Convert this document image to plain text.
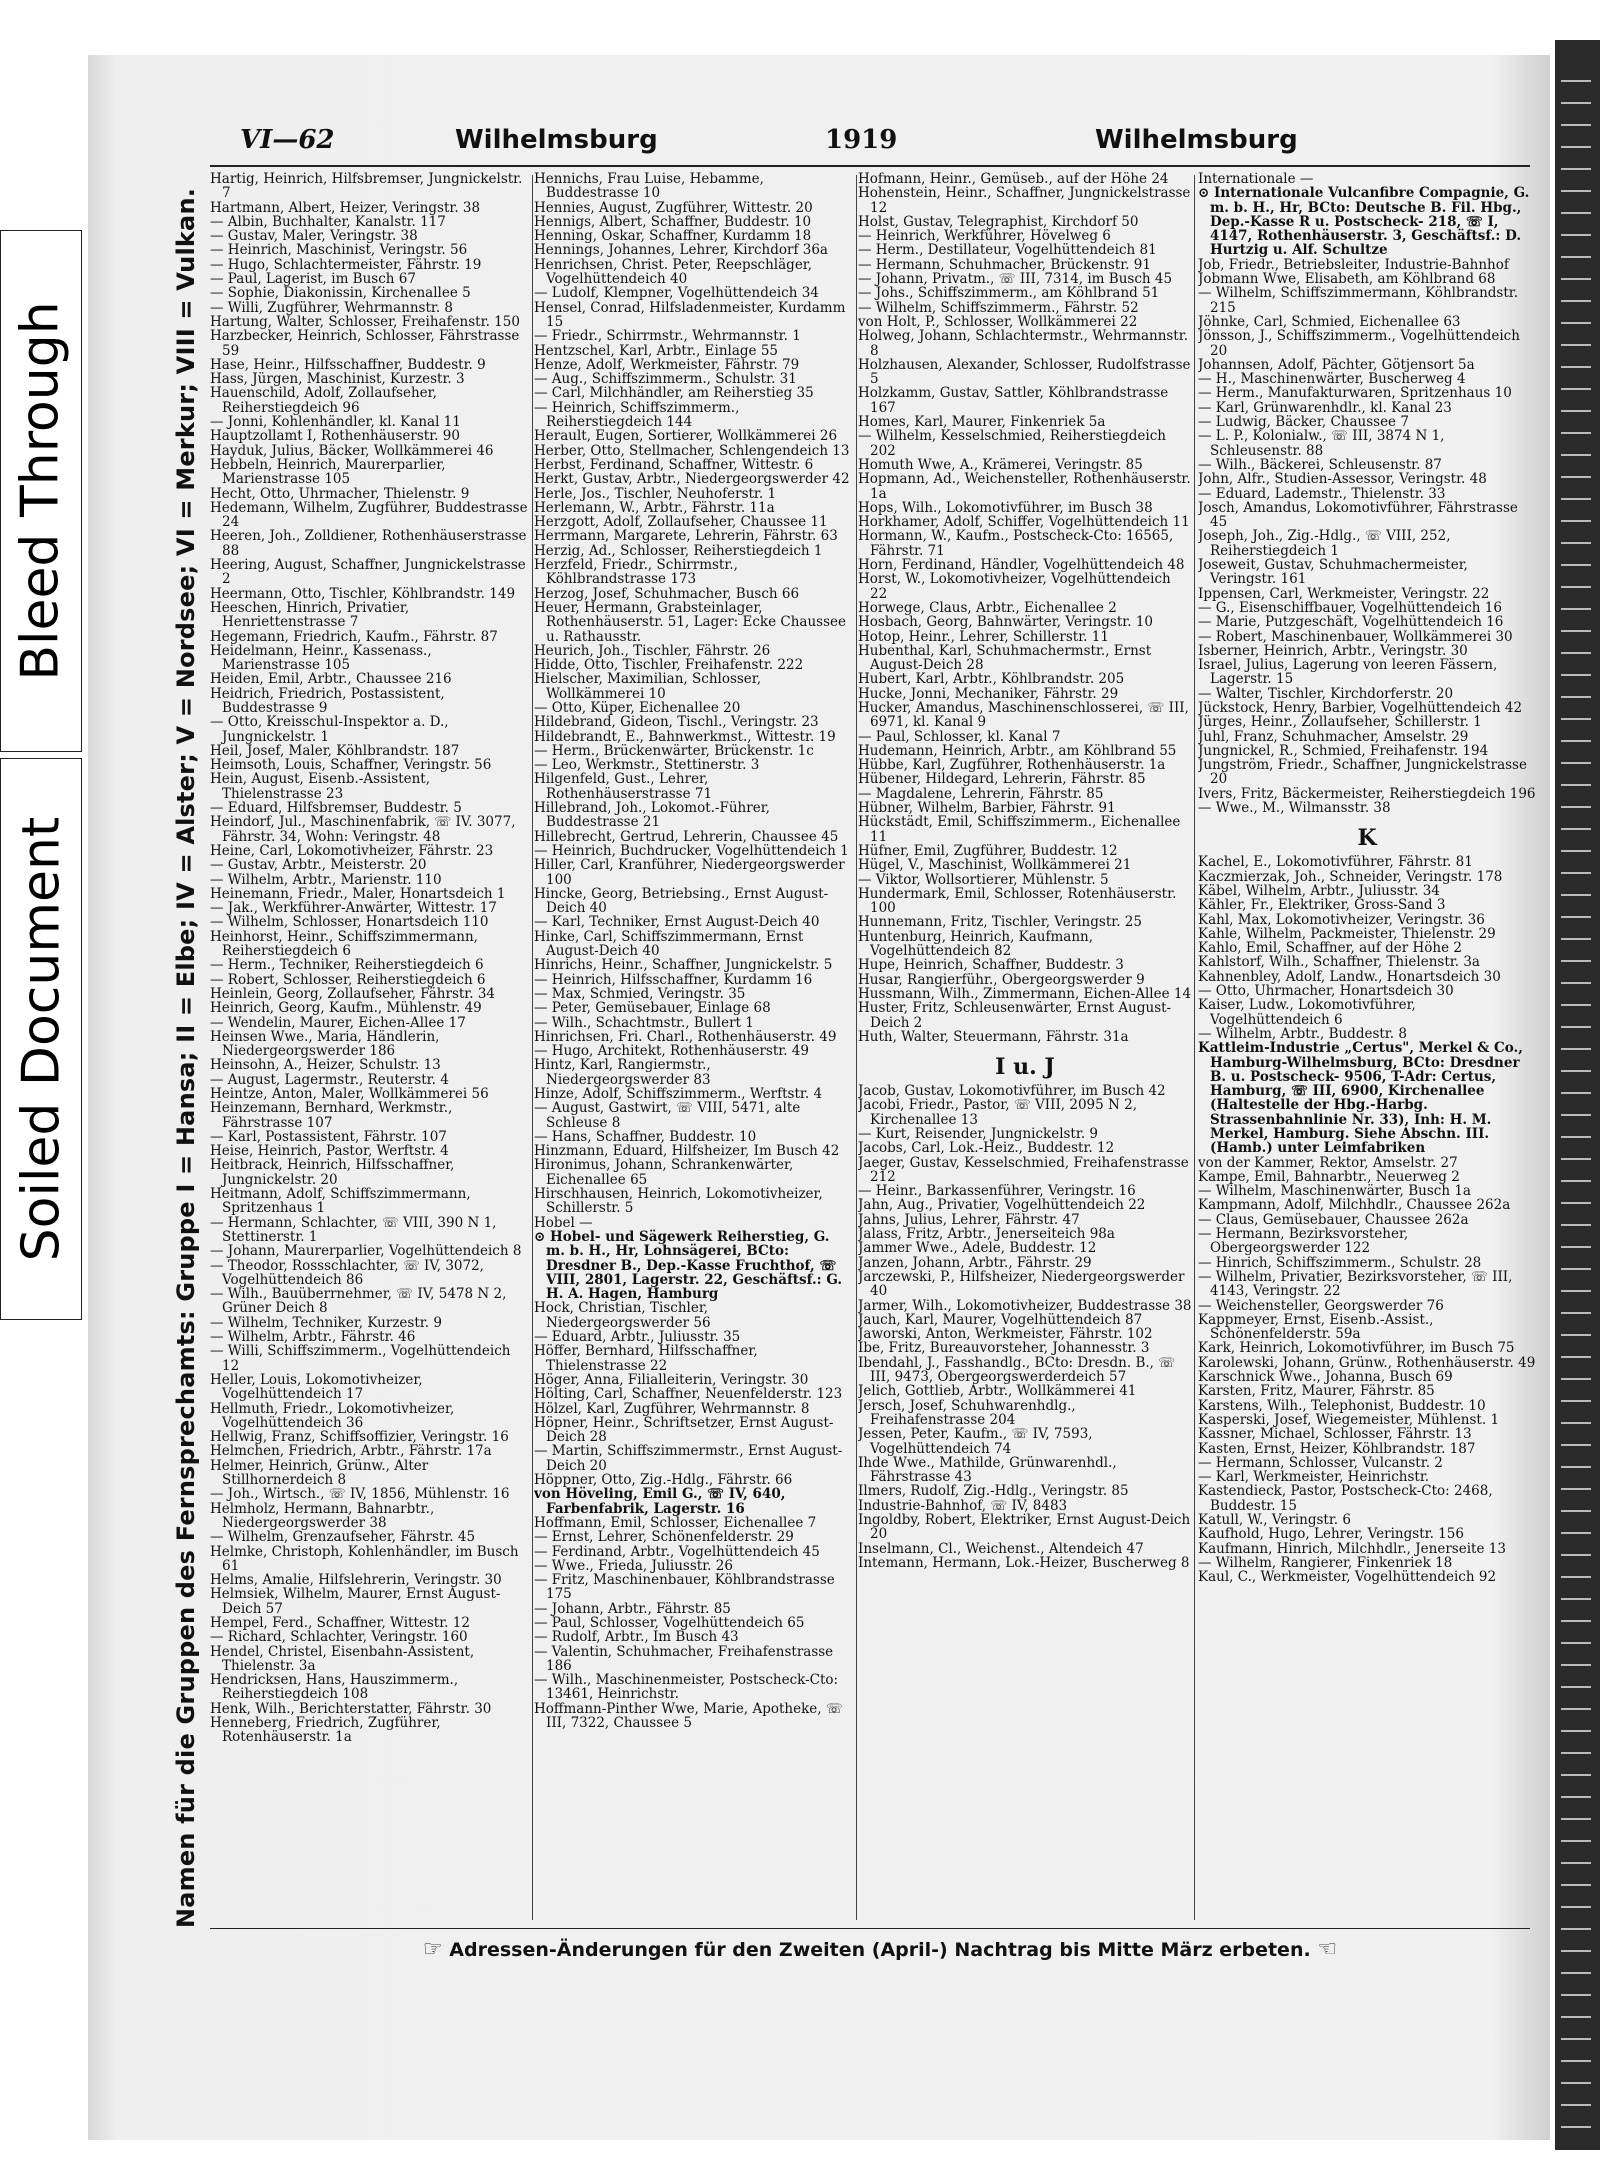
Bleed Through
Soiled Document
VI—62	Wilhelmsburg	1919	Wilhelmsburg
Namen für die Gruppen des Fernsprechamts: Gruppe I = Hansa; II = Elbe; IV = Alster; V = Nordsee; VI = Merkur; VIII = Vulkan.

Hartig, Heinrich, Hilfsbremser, Jungnickelstr. 7

Hartmann, Albert, Heizer, Veringstr. 38

— Albin, Buchhalter, Kanalstr. 117

— Gustav, Maler, Veringstr. 38

— Heinrich, Maschinist, Veringstr. 56

— Hugo, Schlachtermeister, Fährstr. 19

— Paul, Lagerist, im Busch 67

— Sophie, Diakonissin, Kirchenallee 5

— Willi, Zugführer, Wehrmannstr. 8

Hartung, Walter, Schlosser, Freihafenstr. 150

Harzbecker, Heinrich, Schlosser, Fährstrasse 59

Hase, Heinr., Hilfsschaffner, Buddestr. 9

Hass, Jürgen, Maschinist, Kurzestr. 3

Hauenschild, Adolf, Zollaufseher, Reiherstiegdeich 96

— Jonni, Kohlenhändler, kl. Kanal 11

Hauptzollamt I, Rothenhäuserstr. 90

Hayduk, Julius, Bäcker, Wollkämmerei 46

Hebbeln, Heinrich, Maurerparlier, Marienstrasse 105

Hecht, Otto, Uhrmacher, Thielenstr. 9

Hedemann, Wilhelm, Zugführer, Buddestrasse 24

Heeren, Joh., Zolldiener, Rothenhäuserstrasse 88

Heering, August, Schaffner, Jungnickelstrasse 2

Heermann, Otto, Tischler, Köhlbrandstr. 149

Heeschen, Hinrich, Privatier, Henriettenstrasse 7

Hegemann, Friedrich, Kaufm., Fährstr. 87

Heidelmann, Heinr., Kassenass., Marienstrasse 105

Heiden, Emil, Arbtr., Chaussee 216

Heidrich, Friedrich, Postassistent, Buddestrasse 9

— Otto, Kreisschul-Inspektor a. D., Jungnickelstr. 1

Heil, Josef, Maler, Köhlbrandstr. 187

Heimsoth, Louis, Schaffner, Veringstr. 56

Hein, August, Eisenb.-Assistent, Thielenstrasse 23

— Eduard, Hilfsbremser, Buddestr. 5

Heindorf, Jul., Maschinenfabrik, ☏ IV. 3077, Fährstr. 34, Wohn: Veringstr. 48

Heine, Carl, Lokomotivheizer, Fährstr. 23

— Gustav, Arbtr., Meisterstr. 20

— Wilhelm, Arbtr., Marienstr. 110

Heinemann, Friedr., Maler, Honartsdeich 1

— Jak., Werkführer-Anwärter, Wittestr. 17

— Wilhelm, Schlosser, Honartsdeich 110

Heinhorst, Heinr., Schiffszimmermann, Reiherstiegdeich 6

— Herm., Techniker, Reiherstiegdeich 6

— Robert, Schlosser, Reiherstiegdeich 6

Heinlein, Georg, Zollaufseher, Fährstr. 34

Heinrich, Georg, Kaufm., Mühlenstr. 49

— Wendelin, Maurer, Eichen-Allee 17

Heinsen Wwe., Maria, Händlerin, Niedergeorgswerder 186

Heinsohn, A., Heizer, Schulstr. 13

— August, Lagermstr., Reuterstr. 4

Heintze, Anton, Maler, Wollkämmerei 56

Heinzemann, Bernhard, Werkmstr., Fährstrasse 107

— Karl, Postassistent, Fährstr. 107

Heise, Heinrich, Pastor, Werftstr. 4

Heitbrack, Heinrich, Hilfsschaffner, Jungnickelstr. 20

Heitmann, Adolf, Schiffszimmermann, Spritzenhaus 1

— Hermann, Schlachter, ☏ VIII, 390 N 1, Stettinerstr. 1

— Johann, Maurerparlier, Vogelhüttendeich 8

— Theodor, Rossschlachter, ☏ IV, 3072, Vogelhüttendeich 86

— Wilh., Bauüberrnehmer, ☏ IV, 5478 N 2, Grüner Deich 8

— Wilhelm, Techniker, Kurzestr. 9

— Wilhelm, Arbtr., Fährstr. 46

— Willi, Schiffszimmerm., Vogelhüttendeich 12

Heller, Louis, Lokomotivheizer, Vogelhüttendeich 17

Hellmuth, Friedr., Lokomotivheizer, Vogelhüttendeich 36

Hellwig, Franz, Schiffsoffizier, Veringstr. 16

Helmchen, Friedrich, Arbtr., Fährstr. 17a

Helmer, Heinrich, Grünw., Alter Stillhornerdeich 8

— Joh., Wirtsch., ☏ IV, 1856, Mühlenstr. 16

Helmholz, Hermann, Bahnarbtr., Niedergeorgswerder 38

— Wilhelm, Grenzaufseher, Fährstr. 45

Helmke, Christoph, Kohlenhändler, im Busch 61

Helms, Amalie, Hilfslehrerin, Veringstr. 30

Helmsiek, Wilhelm, Maurer, Ernst August-Deich 57

Hempel, Ferd., Schaffner, Wittestr. 12

— Richard, Schlachter, Veringstr. 160

Hendel, Christel, Eisenbahn-Assistent, Thielenstr. 3a

Hendricksen, Hans, Hauszimmerm., Reiherstiegdeich 108

Henk, Wilh., Berichterstatter, Fährstr. 30

Henneberg, Friedrich, Zugführer, Rotenhäuserstr. 1a

Hennichs, Frau Luise, Hebamme, Buddestrasse 10

Hennies, August, Zugführer, Wittestr. 20

Hennigs, Albert, Schaffner, Buddestr. 10

Henning, Oskar, Schaffner, Kurdamm 18

Hennings, Johannes, Lehrer, Kirchdorf 36a

Henrichsen, Christ. Peter, Reepschläger, Vogelhüttendeich 40

— Ludolf, Klempner, Vogelhüttendeich 34

Hensel, Conrad, Hilfsladenmeister, Kurdamm 15

— Friedr., Schirrmstr., Wehrmannstr. 1

Hentzschel, Karl, Arbtr., Einlage 55

Henze, Adolf, Werkmeister, Fährstr. 79

— Aug., Schiffszimmerm., Schulstr. 31

— Carl, Milchhändler, am Reiherstieg 35

— Heinrich, Schiffszimmerm., Reiherstiegdeich 144

Herault, Eugen, Sortierer, Wollkämmerei 26

Herber, Otto, Stellmacher, Schlengendeich 13

Herbst, Ferdinand, Schaffner, Wittestr. 6

Herkt, Gustav, Arbtr., Niedergeorgswerder 42

Herle, Jos., Tischler, Neuhoferstr. 1

Herlemann, W., Arbtr., Fährstr. 11a

Herzgott, Adolf, Zollaufseher, Chaussee 11

Herrmann, Margarete, Lehrerin, Fährstr. 63

Herzig, Ad., Schlosser, Reiherstiegdeich 1

Herzfeld, Friedr., Schirrmstr., Köhlbrandstrasse 173

Herzog, Josef, Schuhmacher, Busch 66

Heuer, Hermann, Grabsteinlager, Rothenhäuserstr. 51, Lager: Ecke Chaussee u. Rathausstr.

Heurich, Joh., Tischler, Fährstr. 26

Hidde, Otto, Tischler, Freihafenstr. 222

Hielscher, Maximilian, Schlosser, Wollkämmerei 10

— Otto, Küper, Eichenallee 20

Hildebrand, Gideon, Tischl., Veringstr. 23

Hildebrandt, E., Bahnwerkmst., Wittestr. 19

— Herm., Brückenwärter, Brückenstr. 1c

— Leo, Werkmstr., Stettinerstr. 3

Hilgenfeld, Gust., Lehrer, Rothenhäuserstrasse 71

Hillebrand, Joh., Lokomot.-Führer, Buddestrasse 21

Hillebrecht, Gertrud, Lehrerin, Chaussee 45

— Heinrich, Buchdrucker, Vogelhüttendeich 1

Hiller, Carl, Kranführer, Niedergeorgswerder 100

Hincke, Georg, Betriebsing., Ernst August-Deich 40

— Karl, Techniker, Ernst August-Deich 40

Hinke, Carl, Schiffszimmermann, Ernst August-Deich 40

Hinrichs, Heinr., Schaffner, Jungnickelstr. 5

— Heinrich, Hilfsschaffner, Kurdamm 16

— Max, Schmied, Veringstr. 35

— Peter, Gemüsebauer, Einlage 68

— Wilh., Schachtmstr., Bullert 1

Hinrichsen, Fri. Charl., Rothenhäuserstr. 49

— Hugo, Architekt, Rothenhäuserstr. 49

Hintz, Karl, Rangiermstr., Niedergeorgswerder 83

Hinze, Adolf, Schiffszimmerm., Werftstr. 4

— August, Gastwirt, ☏ VIII, 5471, alte Schleuse 8

— Hans, Schaffner, Buddestr. 10

Hinzmann, Eduard, Hilfsheizer, Im Busch 42

Hironimus, Johann, Schrankenwärter, Eichenallee 65

Hirschhausen, Heinrich, Lokomotivheizer, Schillerstr. 5

Hobel —

⊙ Hobel- und Sägewerk Reiherstieg, G. m. b. H., Hr, Lohnsägerei, BCto: Dresdner B., Dep.-Kasse Fruchthof, ☏ VIII, 2801, Lagerstr. 22, Geschäftsf.: G. H. A. Hagen, Hamburg

Hock, Christian, Tischler, Niedergeorgswerder 56

— Eduard, Arbtr., Juliusstr. 35

Höffer, Bernhard, Hilfsschaffner, Thielenstrasse 22

Höger, Anna, Filialleiterin, Veringstr. 30

Hölting, Carl, Schaffner, Neuenfelderstr. 123

Hölzel, Karl, Zugführer, Wehrmannstr. 8

Höpner, Heinr., Schriftsetzer, Ernst August-Deich 28

— Martin, Schiffszimmermstr., Ernst August-Deich 20

Höppner, Otto, Zig.-Hdlg., Fährstr. 66

von Höveling, Emil G., ☏ IV, 640, Farbenfabrik, Lagerstr. 16

Hoffmann, Emil, Schlosser, Eichenallee 7

— Ernst, Lehrer, Schönenfelderstr. 29

— Ferdinand, Arbtr., Vogelhüttendeich 45

— Wwe., Frieda, Juliusstr. 26

— Fritz, Maschinenbauer, Köhlbrandstrasse 175

— Johann, Arbtr., Fährstr. 85

— Paul, Schlosser, Vogelhüttendeich 65

— Rudolf, Arbtr., Im Busch 43

— Valentin, Schuhmacher, Freihafenstrasse 186

— Wilh., Maschinenmeister, Postscheck-Cto: 13461, Heinrichstr.

Hoffmann-Pinther Wwe, Marie, Apotheke, ☏ III, 7322, Chaussee 5

Hofmann, Heinr., Gemüseb., auf der Höhe 24

Hohenstein, Heinr., Schaffner, Jungnickelstrasse 12

Holst, Gustav, Telegraphist, Kirchdorf 50

— Heinrich, Werkführer, Hövelweg 6

— Herm., Destillateur, Vogelhüttendeich 81

— Hermann, Schuhmacher, Brückenstr. 91

— Johann, Privatm., ☏ III, 7314, im Busch 45

— Johs., Schiffszimmerm., am Köhlbrand 51

— Wilhelm, Schiffszimmerm., Fährstr. 52

von Holt, P., Schlosser, Wollkämmerei 22

Holweg, Johann, Schlachtermstr., Wehrmannstr. 8

Holzhausen, Alexander, Schlosser, Rudolfstrasse 5

Holzkamm, Gustav, Sattler, Köhlbrandstrasse 167

Homes, Karl, Maurer, Finkenriek 5a

— Wilhelm, Kesselschmied, Reiherstiegdeich 202

Homuth Wwe, A., Krämerei, Veringstr. 85

Hopmann, Ad., Weichensteller, Rothenhäuserstr. 1a

Hops, Wilh., Lokomotivführer, im Busch 38

Horkhamer, Adolf, Schiffer, Vogelhüttendeich 11

Hormann, W., Kaufm., Postscheck-Cto: 16565, Fährstr. 71

Horn, Ferdinand, Händler, Vogelhüttendeich 48

Horst, W., Lokomotivheizer, Vogelhüttendeich 22

Horwege, Claus, Arbtr., Eichenallee 2

Hosbach, Georg, Bahnwärter, Veringstr. 10

Hotop, Heinr., Lehrer, Schillerstr. 11

Hubenthal, Karl, Schuhmachermstr., Ernst August-Deich 28

Hubert, Karl, Arbtr., Köhlbrandstr. 205

Hucke, Jonni, Mechaniker, Fährstr. 29

Hucker, Amandus, Maschinenschlosserei, ☏ III, 6971, kl. Kanal 9

— Paul, Schlosser, kl. Kanal 7

Hudemann, Heinrich, Arbtr., am Köhlbrand 55

Hübbe, Karl, Zugführer, Rothenhäuserstr. 1a

Hübener, Hildegard, Lehrerin, Fährstr. 85

— Magdalene, Lehrerin, Fährstr. 85

Hübner, Wilhelm, Barbier, Fährstr. 91

Hückstädt, Emil, Schiffszimmerm., Eichenallee 11

Hüfner, Emil, Zugführer, Buddestr. 12

Hügel, V., Maschinist, Wollkämmerei 21

— Viktor, Wollsortierer, Mühlenstr. 5

Hundermark, Emil, Schlosser, Rotenhäuserstr. 100

Hunnemann, Fritz, Tischler, Veringstr. 25

Huntenburg, Heinrich, Kaufmann, Vogelhüttendeich 82

Hupe, Heinrich, Schaffner, Buddestr. 3

Husar, Rangierführ., Obergeorgswerder 9

Hussmann, Wilh., Zimmermann, Eichen-Allee 14

Huster, Fritz, Schleusenwärter, Ernst August-Deich 2

Huth, Walter, Steuermann, Fährstr. 31a

I u. J

Jacob, Gustav, Lokomotivführer, im Busch 42

Jacobi, Friedr., Pastor, ☏ VIII, 2095 N 2, Kirchenallee 13

— Kurt, Reisender, Jungnickelstr. 9

Jacobs, Carl, Lok.-Heiz., Buddestr. 12

Jaeger, Gustav, Kesselschmied, Freihafenstrasse 212

— Heinr., Barkassenführer, Veringstr. 16

Jahn, Aug., Privatier, Vogelhüttendeich 22

Jahns, Julius, Lehrer, Fährstr. 47

Jalass, Fritz, Arbtr., Jenerseiteich 98a

Jammer Wwe., Adele, Buddestr. 12

Janzen, Johann, Arbtr., Fährstr. 29

Jarczewski, P., Hilfsheizer, Niedergeorgswerder 40

Jarmer, Wilh., Lokomotivheizer, Buddestrasse 38

Jauch, Karl, Maurer, Vogelhüttendeich 87

Jaworski, Anton, Werkmeister, Fährstr. 102

Ibe, Fritz, Bureauvorsteher, Johannesstr. 3

Ibendahl, J., Fasshandlg., BCto: Dresdn. B., ☏ III, 9473, Obergeorgswerderdeich 57

Jelich, Gottlieb, Arbtr., Wollkämmerei 41

Jersch, Josef, Schuhwarenhdlg., Freihafenstrasse 204

Jessen, Peter, Kaufm., ☏ IV, 7593, Vogelhüttendeich 74

Ihde Wwe., Mathilde, Grünwarenhdl., Fährstrasse 43

Ilmers, Rudolf, Zig.-Hdlg., Veringstr. 85

Industrie-Bahnhof, ☏ IV, 8483

Ingoldby, Robert, Elektriker, Ernst August-Deich 20

Inselmann, Cl., Weichenst., Altendeich 47

Intemann, Hermann, Lok.-Heizer, Buscherweg 8

Internationale —

⊙ Internationale Vulcanfibre Compagnie, G. m. b. H., Hr, BCto: Deutsche B. Fil. Hbg., Dep.-Kasse R u. Postscheck- 218, ☏ I, 4147, Rothenhäuserstr. 3, Geschäftsf.: D. Hurtzig u. Alf. Schultze

Job, Friedr., Betriebsleiter, Industrie-Bahnhof

Jobmann Wwe, Elisabeth, am Köhlbrand 68

— Wilhelm, Schiffszimmermann, Köhlbrandstr. 215

Jöhnke, Carl, Schmied, Eichenallee 63

Jönsson, J., Schiffszimmerm., Vogelhüttendeich 20

Johannsen, Adolf, Pächter, Götjensort 5a

— H., Maschinenwärter, Buscherweg 4

— Herm., Manufakturwaren, Spritzenhaus 10

— Karl, Grünwarenhdlr., kl. Kanal 23

— Ludwig, Bäcker, Chaussee 7

— L. P., Kolonialw., ☏ III, 3874 N 1, Schleusenstr. 88

— Wilh., Bäckerei, Schleusenstr. 87

John, Alfr., Studien-Assessor, Veringstr. 48

— Eduard, Lademstr., Thielenstr. 33

Josch, Amandus, Lokomotivführer, Fährstrasse 45

Joseph, Joh., Zig.-Hdlg., ☏ VIII, 252, Reiherstiegdeich 1

Joseweit, Gustav, Schuhmachermeister, Veringstr. 161

Ippensen, Carl, Werkmeister, Veringstr. 22

— G., Eisenschiffbauer, Vogelhüttendeich 16

— Marie, Putzgeschäft, Vogelhüttendeich 16

— Robert, Maschinenbauer, Wollkämmerei 30

Isberner, Heinrich, Arbtr., Veringstr. 30

Israel, Julius, Lagerung von leeren Fässern, Lagerstr. 15

— Walter, Tischler, Kirchdorferstr. 20

Jückstock, Henry, Barbier, Vogelhüttendeich 42

Jürges, Heinr., Zollaufseher, Schillerstr. 1

Juhl, Franz, Schuhmacher, Amselstr. 29

Jungnickel, R., Schmied, Freihafenstr. 194

Jungström, Friedr., Schaffner, Jungnickelstrasse 20

Ivers, Fritz, Bäckermeister, Reiherstiegdeich 196

— Wwe., M., Wilmansstr. 38

K

Kachel, E., Lokomotivführer, Fährstr. 81

Kaczmierzak, Joh., Schneider, Veringstr. 178

Käbel, Wilhelm, Arbtr., Juliusstr. 34

Kähler, Fr., Elektriker, Gross-Sand 3

Kahl, Max, Lokomotivheizer, Veringstr. 36

Kahle, Wilhelm, Packmeister, Thielenstr. 29

Kahlo, Emil, Schaffner, auf der Höhe 2

Kahlstorf, Wilh., Schaffner, Thielenstr. 3a

Kahnenbley, Adolf, Landw., Honartsdeich 30

— Otto, Uhrmacher, Honartsdeich 30

Kaiser, Ludw., Lokomotivführer, Vogelhüttendeich 6

— Wilhelm, Arbtr., Buddestr. 8

Kattleim-Industrie „Certus", Merkel & Co., Hamburg-Wilhelmsburg, BCto: Dresdner B. u. Postscheck- 9506, T-Adr: Certus, Hamburg, ☏ III, 6900, Kirchenallee (Haltestelle der Hbg.-Harbg. Strassenbahnlinie Nr. 33), Inh: H. M. Merkel, Hamburg. Siehe Abschn. III. (Hamb.) unter Leimfabriken

von der Kammer, Rektor, Amselstr. 27

Kampe, Emil, Bahnarbtr., Neuerweg 2

— Wilhelm, Maschinenwärter, Busch 1a

Kampmann, Adolf, Milchhdlr., Chaussee 262a

— Claus, Gemüsebauer, Chaussee 262a

— Hermann, Bezirksvorsteher, Obergeorgswerder 122

— Hinrich, Schiffszimmerm., Schulstr. 28

— Wilhelm, Privatier, Bezirksvorsteher, ☏ III, 4143, Veringstr. 22

— Weichensteller, Georgswerder 76

Kappmeyer, Ernst, Eisenb.-Assist., Schönenfelderstr. 59a

Kark, Heinrich, Lokomotivführer, im Busch 75

Karolewski, Johann, Grünw., Rothenhäuserstr. 49

Karschnick Wwe., Johanna, Busch 69

Karsten, Fritz, Maurer, Fährstr. 85

Karstens, Wilh., Telephonist, Buddestr. 10

Kasperski, Josef, Wiegemeister, Mühlenst. 1

Kassner, Michael, Schlosser, Fährstr. 13

Kasten, Ernst, Heizer, Köhlbrandstr. 187

— Hermann, Schlosser, Vulcanstr. 2

— Karl, Werkmeister, Heinrichstr.

Kastendieck, Pastor, Postscheck-Cto: 2468, Buddestr. 15

Katull, W., Veringstr. 6

Kaufhold, Hugo, Lehrer, Veringstr. 156

Kaufmann, Hinrich, Milchhdlr., Jenerseite 13

— Wilhelm, Rangierer, Finkenriek 18

Kaul, C., Werkmeister, Vogelhüttendeich 92

☞ Adressen-Änderungen für den Zweiten (April-) Nachtrag bis Mitte März erbeten. ☜
